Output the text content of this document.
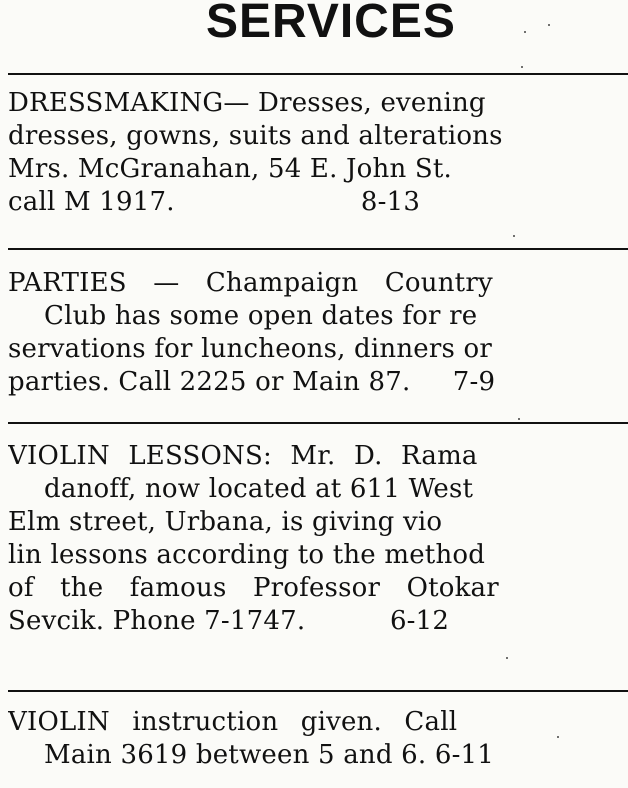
SERVICES
DRESSMAKING— Dresses, evening
dresses, gowns, suits and alterations
Mrs. McGranahan, 54 E. John St.
call M 1917.                      8-13
PARTIES — Champaign Country
Club has some open dates for re
servations for luncheons, dinners or
parties. Call 2225 or Main 87.     7-9
VIOLIN LESSONS: Mr. D. Rama
danoff, now located at 611 West
Elm street, Urbana, is giving vio
lin lessons according to the method
of the famous Professor Otokar
Sevcik. Phone 7-1747.          6-12
VIOLIN instruction given. Call
Main 3619 between 5 and 6. 6-11
